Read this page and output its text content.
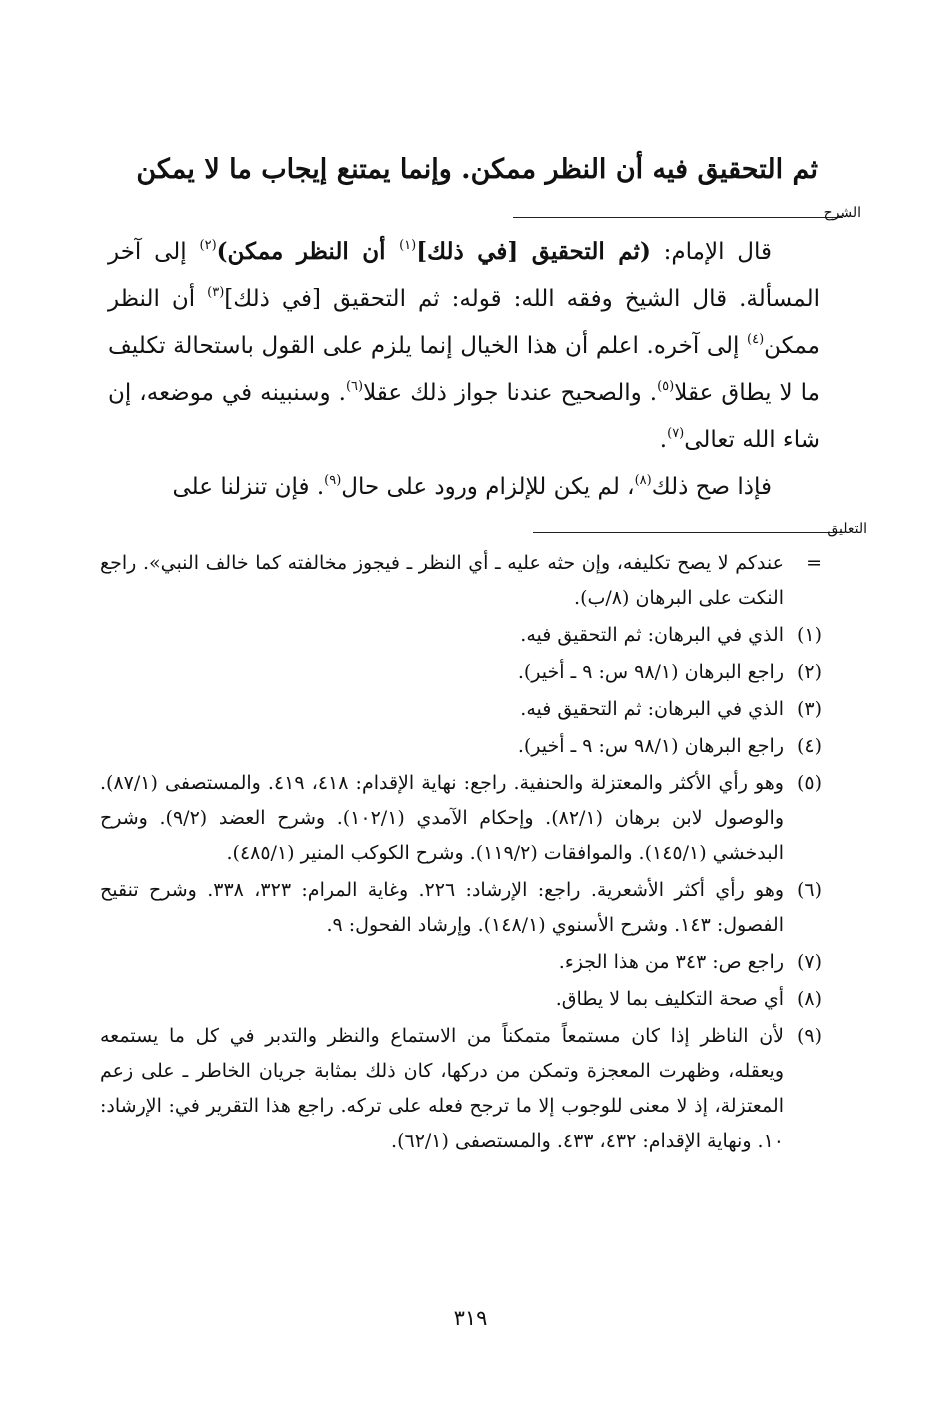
ثم التحقيق فيه أن النظر ممكن. وإنما يمتنع إيجاب ما لا يمكن
الشرح

قال الإمام: (ثم التحقيق [في ذلك]$^{(١)}$ أن النظر ممكن)$^{(٢)}$ إلى آخر المسألة. قال الشيخ وفقه الله: قوله: ثم التحقيق [في ذلك]$^{(٣)}$ أن النظر ممكن$^{(٤)}$ إلى آخره. اعلم أن هذا الخيال إنما يلزم على القول باستحالة تكليف ما لا يطاق عقلا$^{(٥)}$. والصحيح عندنا جواز ذلك عقلا$^{(٦)}$. وسنبينه في موضعه، إن شاء الله تعالى$^{(٧)}$.

فإذا صح ذلك$^{(٨)}$، لم يكن للإلزام ورود على حال$^{(٩)}$. فإن تنزلنا على

التعليق
=
عندكم لا يصح تكليفه، وإن حثه عليه ـ أي النظر ـ فيجوز مخالفته كما خالف النبي». راجع النكت على البرهان (٨/ب).
(١)
الذي في البرهان: ثم التحقيق فيه.
(٢)
راجع البرهان (٩٨/١ س: ٩ ـ أخير).
(٣)
الذي في البرهان: ثم التحقيق فيه.
(٤)
راجع البرهان (٩٨/١ س: ٩ ـ أخير).
(٥)
وهو رأي الأكثر والمعتزلة والحنفية. راجع: نهاية الإقدام: ٤١٨، ٤١٩. والمستصفى (٨٧/١). والوصول لابن برهان (٨٢/١). وإحكام الآمدي (١٠٢/١). وشرح العضد (٩/٢). وشرح البدخشي (١٤٥/١). والموافقات (١١٩/٢). وشرح الكوكب المنير (٤٨٥/١).
(٦)
وهو رأي أكثر الأشعرية. راجع: الإرشاد: ٢٢٦. وغاية المرام: ٣٢٣، ٣٣٨. وشرح تنقيح الفصول: ١٤٣. وشرح الأسنوي (١٤٨/١). وإرشاد الفحول: ٩.
(٧)
راجع ص: ٣٤٣ من هذا الجزء.
(٨)
أي صحة التكليف بما لا يطاق.
(٩)
لأن الناظر إذا كان مستمعاً متمكناً من الاستماع والنظر والتدبر في كل ما يستمعه ويعقله، وظهرت المعجزة وتمكن من دركها، كان ذلك بمثابة جريان الخاطر ـ على زعم المعتزلة، إذ لا معنى للوجوب إلا ما ترجح فعله على تركه. راجع هذا التقرير في: الإرشاد: ١٠. ونهاية الإقدام: ٤٣٢، ٤٣٣. والمستصفى (٦٢/١).
٣١٩
